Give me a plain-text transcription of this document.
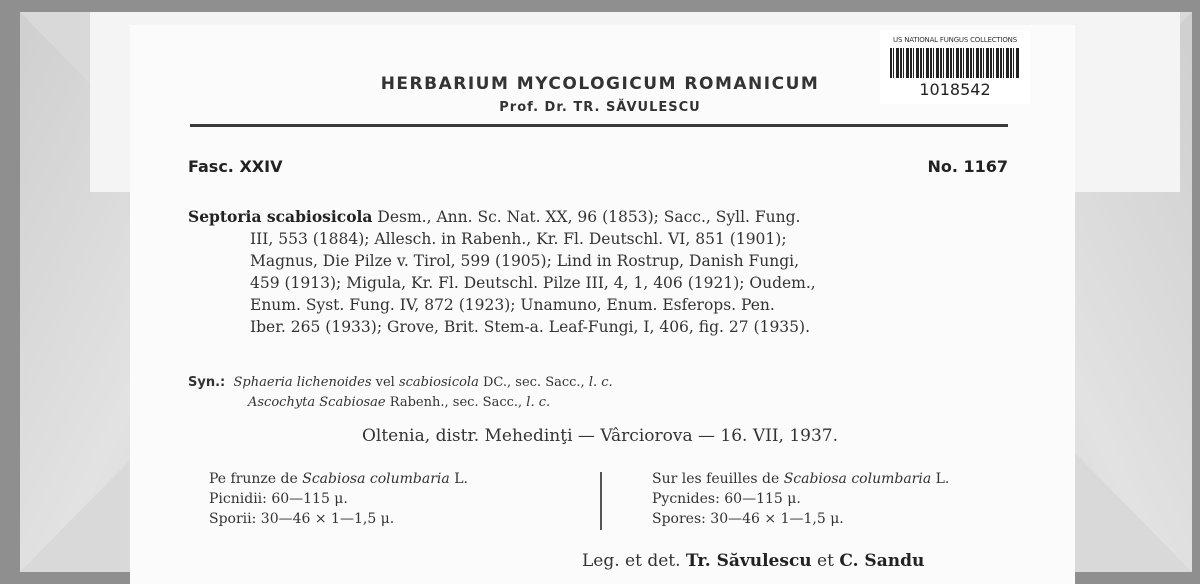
HERBARIUM MYCOLOGICUM ROMANICUM
Prof. Dr. TR. SĂVULESCU
US NATIONAL FUNGUS COLLECTIONS
1018542
Fasc. XXIV	No. 1167
Septoria scabiosicola Desm., Ann. Sc. Nat. XX, 96 (1853); Sacc., Syll. Fung.
III, 553 (1884); Allesch. in Rabenh., Kr. Fl. Deutschl. VI, 851 (1901);
Magnus, Die Pilze v. Tirol, 599 (1905); Lind in Rostrup, Danish Fungi,
459 (1913); Migula, Kr. Fl. Deutschl. Pilze III, 4, 1, 406 (1921); Oudem.,
Enum. Syst. Fung. IV, 872 (1923); Unamuno, Enum. Esferops. Pen.
Iber. 265 (1933); Grove, Brit. Stem-a. Leaf-Fungi, I, 406, fig. 27 (1935).
Syn.: Sphaeria lichenoides vel scabiosicola DC., sec. Sacc., l. c.
Ascochyta Scabiosae Rabenh., sec. Sacc., l. c.
Oltenia, distr. Mehedinţi — Vârciorova — 16. VII, 1937.
Pe frunze de Scabiosa columbaria L.
Picnidii: 60—115 μ.
Sporii: 30—46 × 1—1,5 μ.
Sur les feuilles de Scabiosa columbaria L.
Pycnides: 60—115 μ.
Spores: 30—46 × 1—1,5 μ.
Leg. et det. Tr. Săvulescu et C. Sandu
